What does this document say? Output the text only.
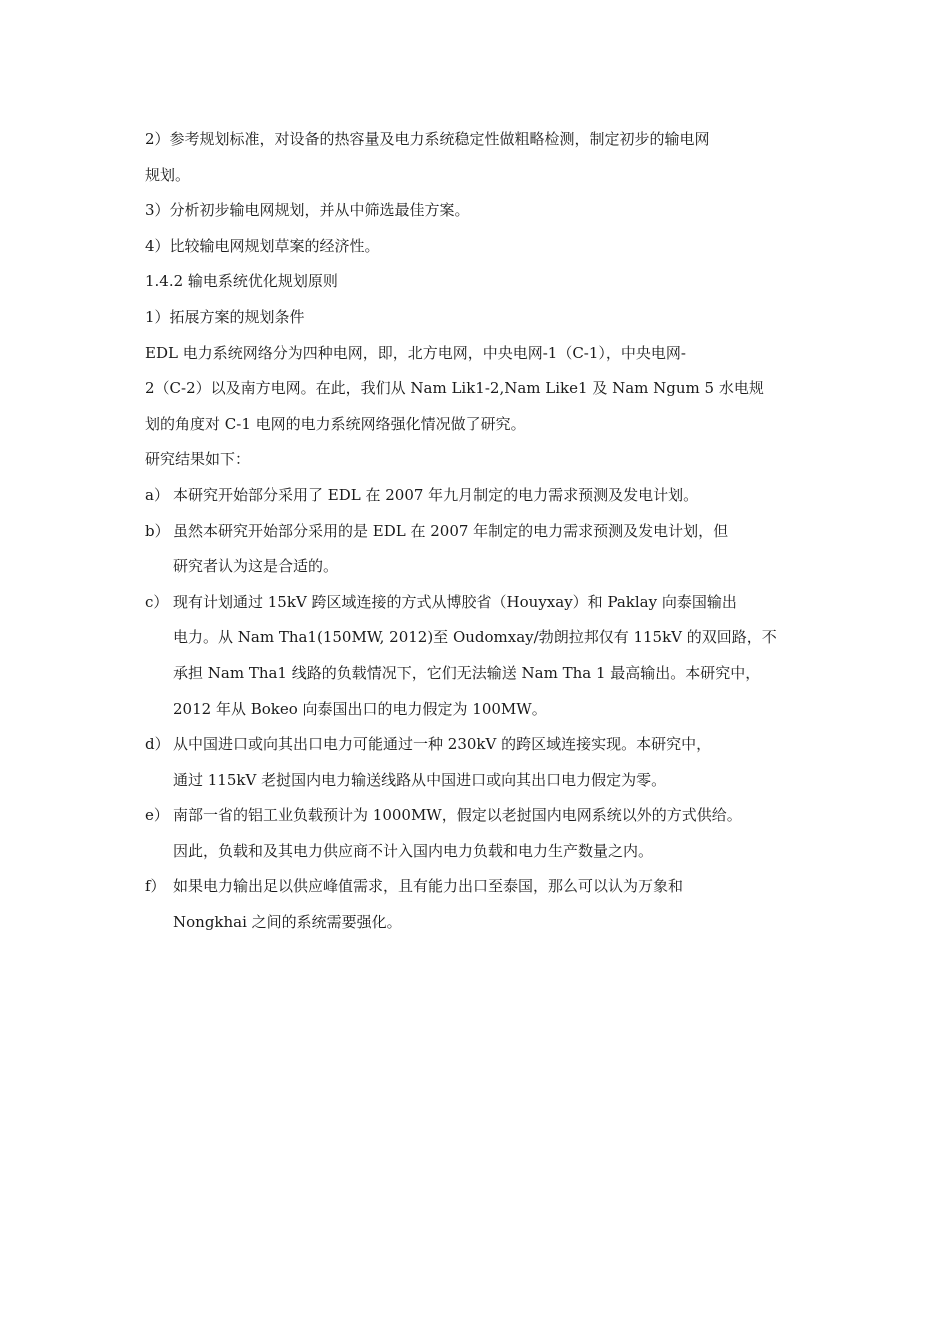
2）参考规划标准，对设备的热容量及电力系统稳定性做粗略检测，制定初步的输电网
规划。
3）分析初步输电网规划，并从中筛选最佳方案。
4）比较输电网规划草案的经济性。
1.4.2 输电系统优化规划原则
1）拓展方案的规划条件
EDL 电力系统网络分为四种电网，即，北方电网，中央电网-1（C-1），中央电网-
2（C-2）以及南方电网。在此，我们从 Nam Lik1-2,Nam Like1 及 Nam Ngum 5 水电规
划的角度对 C-1 电网的电力系统网络强化情况做了研究。
研究结果如下：
a） 本研究开始部分采用了 EDL 在 2007 年九月制定的电力需求预测及发电计划。
b） 虽然本研究开始部分采用的是 EDL 在 2007 年制定的电力需求预测及发电计划，但
研究者认为这是合适的。
c） 现有计划通过 15kV 跨区域连接的方式从博胶省（Houyxay）和 Paklay 向泰国输出
电力。从 Nam Tha1(150MW, 2012)至 Oudomxay/勃朗拉邦仅有 115kV 的双回路，不
承担 Nam Tha1 线路的负载情况下，它们无法输送 Nam Tha 1 最高输出。本研究中，
2012 年从 Bokeo 向泰国出口的电力假定为 100MW。
d） 从中国进口或向其出口电力可能通过一种 230kV 的跨区域连接实现。本研究中，
通过 115kV 老挝国内电力输送线路从中国进口或向其出口电力假定为零。
e） 南部一省的铝工业负载预计为 1000MW，假定以老挝国内电网系统以外的方式供给。
因此，负载和及其电力供应商不计入国内电力负载和电力生产数量之内。
f） 如果电力输出足以供应峰值需求，且有能力出口至泰国，那么可以认为万象和
Nongkhai 之间的系统需要强化。
